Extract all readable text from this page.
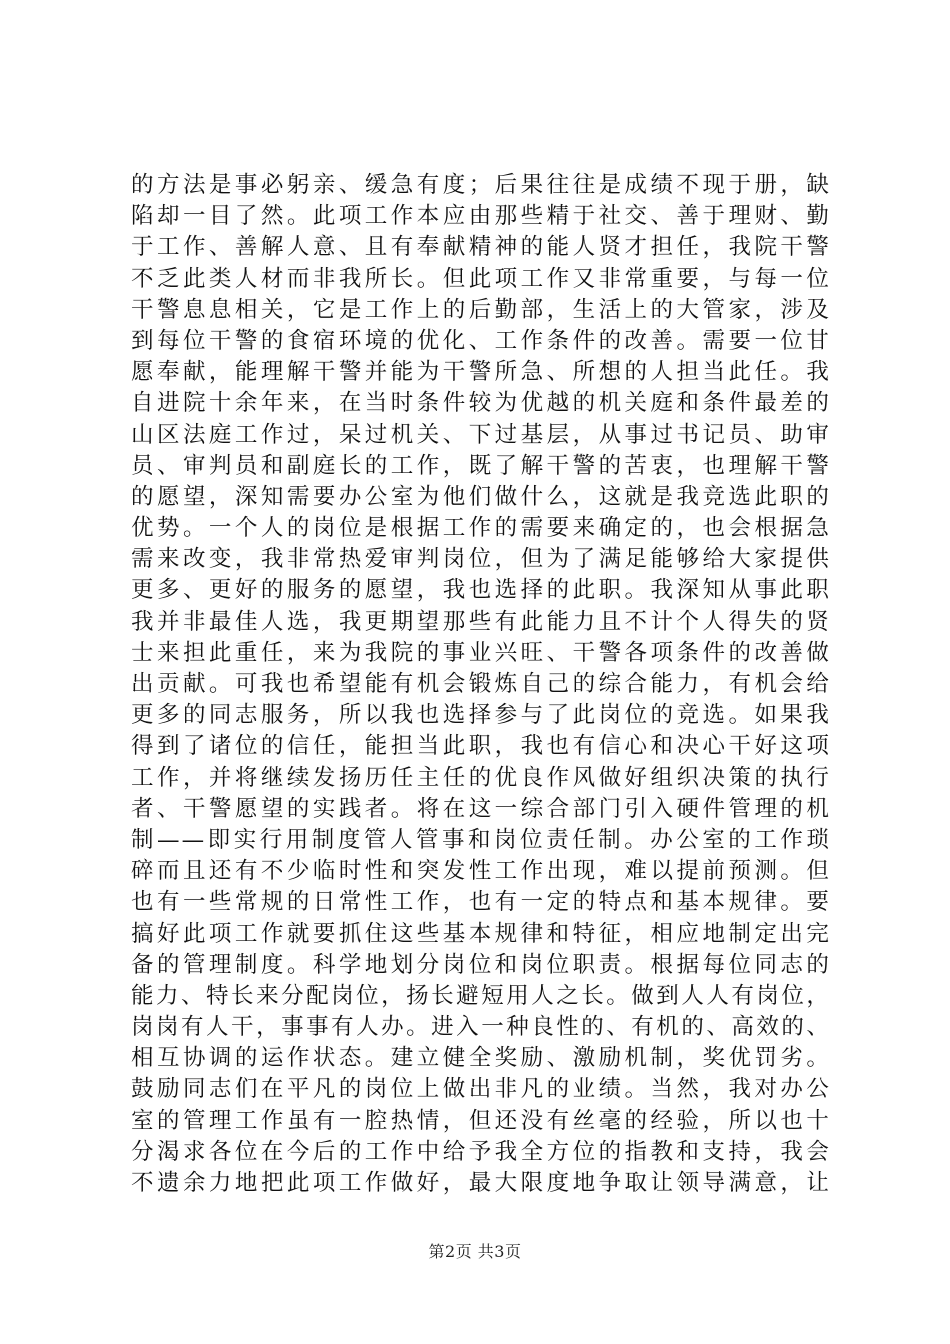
的方法是事必躬亲、缓急有度；后果往往是成绩不现于册，缺
陷却一目了然。此项工作本应由那些精于社交、善于理财、勤
于工作、善解人意、且有奉献精神的能人贤才担任，我院干警
不乏此类人材而非我所长。但此项工作又非常重要，与每一位
干警息息相关，它是工作上的后勤部，生活上的大管家，涉及
到每位干警的食宿环境的优化、工作条件的改善。需要一位甘
愿奉献，能理解干警并能为干警所急、所想的人担当此任。我
自进院十余年来，在当时条件较为优越的机关庭和条件最差的
山区法庭工作过，呆过机关、下过基层，从事过书记员、助审
员、审判员和副庭长的工作，既了解干警的苦衷，也理解干警
的愿望，深知需要办公室为他们做什么，这就是我竞选此职的
优势。一个人的岗位是根据工作的需要来确定的，也会根据急
需来改变，我非常热爱审判岗位，但为了满足能够给大家提供
更多、更好的服务的愿望，我也选择的此职。我深知从事此职
我并非最佳人选，我更期望那些有此能力且不计个人得失的贤
士来担此重任，来为我院的事业兴旺、干警各项条件的改善做
出贡献。可我也希望能有机会锻炼自己的综合能力，有机会给
更多的同志服务，所以我也选择参与了此岗位的竞选。如果我
得到了诸位的信任，能担当此职，我也有信心和决心干好这项
工作，并将继续发扬历任主任的优良作风做好组织决策的执行
者、干警愿望的实践者。将在这一综合部门引入硬件管理的机
制——即实行用制度管人管事和岗位责任制。办公室的工作琐
碎而且还有不少临时性和突发性工作出现，难以提前预测。但
也有一些常规的日常性工作，也有一定的特点和基本规律。要
搞好此项工作就要抓住这些基本规律和特征，相应地制定出完
备的管理制度。科学地划分岗位和岗位职责。根据每位同志的
能力、特长来分配岗位，扬长避短用人之长。做到人人有岗位，
岗岗有人干，事事有人办。进入一种良性的、有机的、高效的、
相互协调的运作状态。建立健全奖励、激励机制，奖优罚劣。
鼓励同志们在平凡的岗位上做出非凡的业绩。当然，我对办公
室的管理工作虽有一腔热情，但还没有丝毫的经验，所以也十
分渴求各位在今后的工作中给予我全方位的指教和支持，我会
不遗余力地把此项工作做好，最大限度地争取让领导满意，让
第2页 共3页
